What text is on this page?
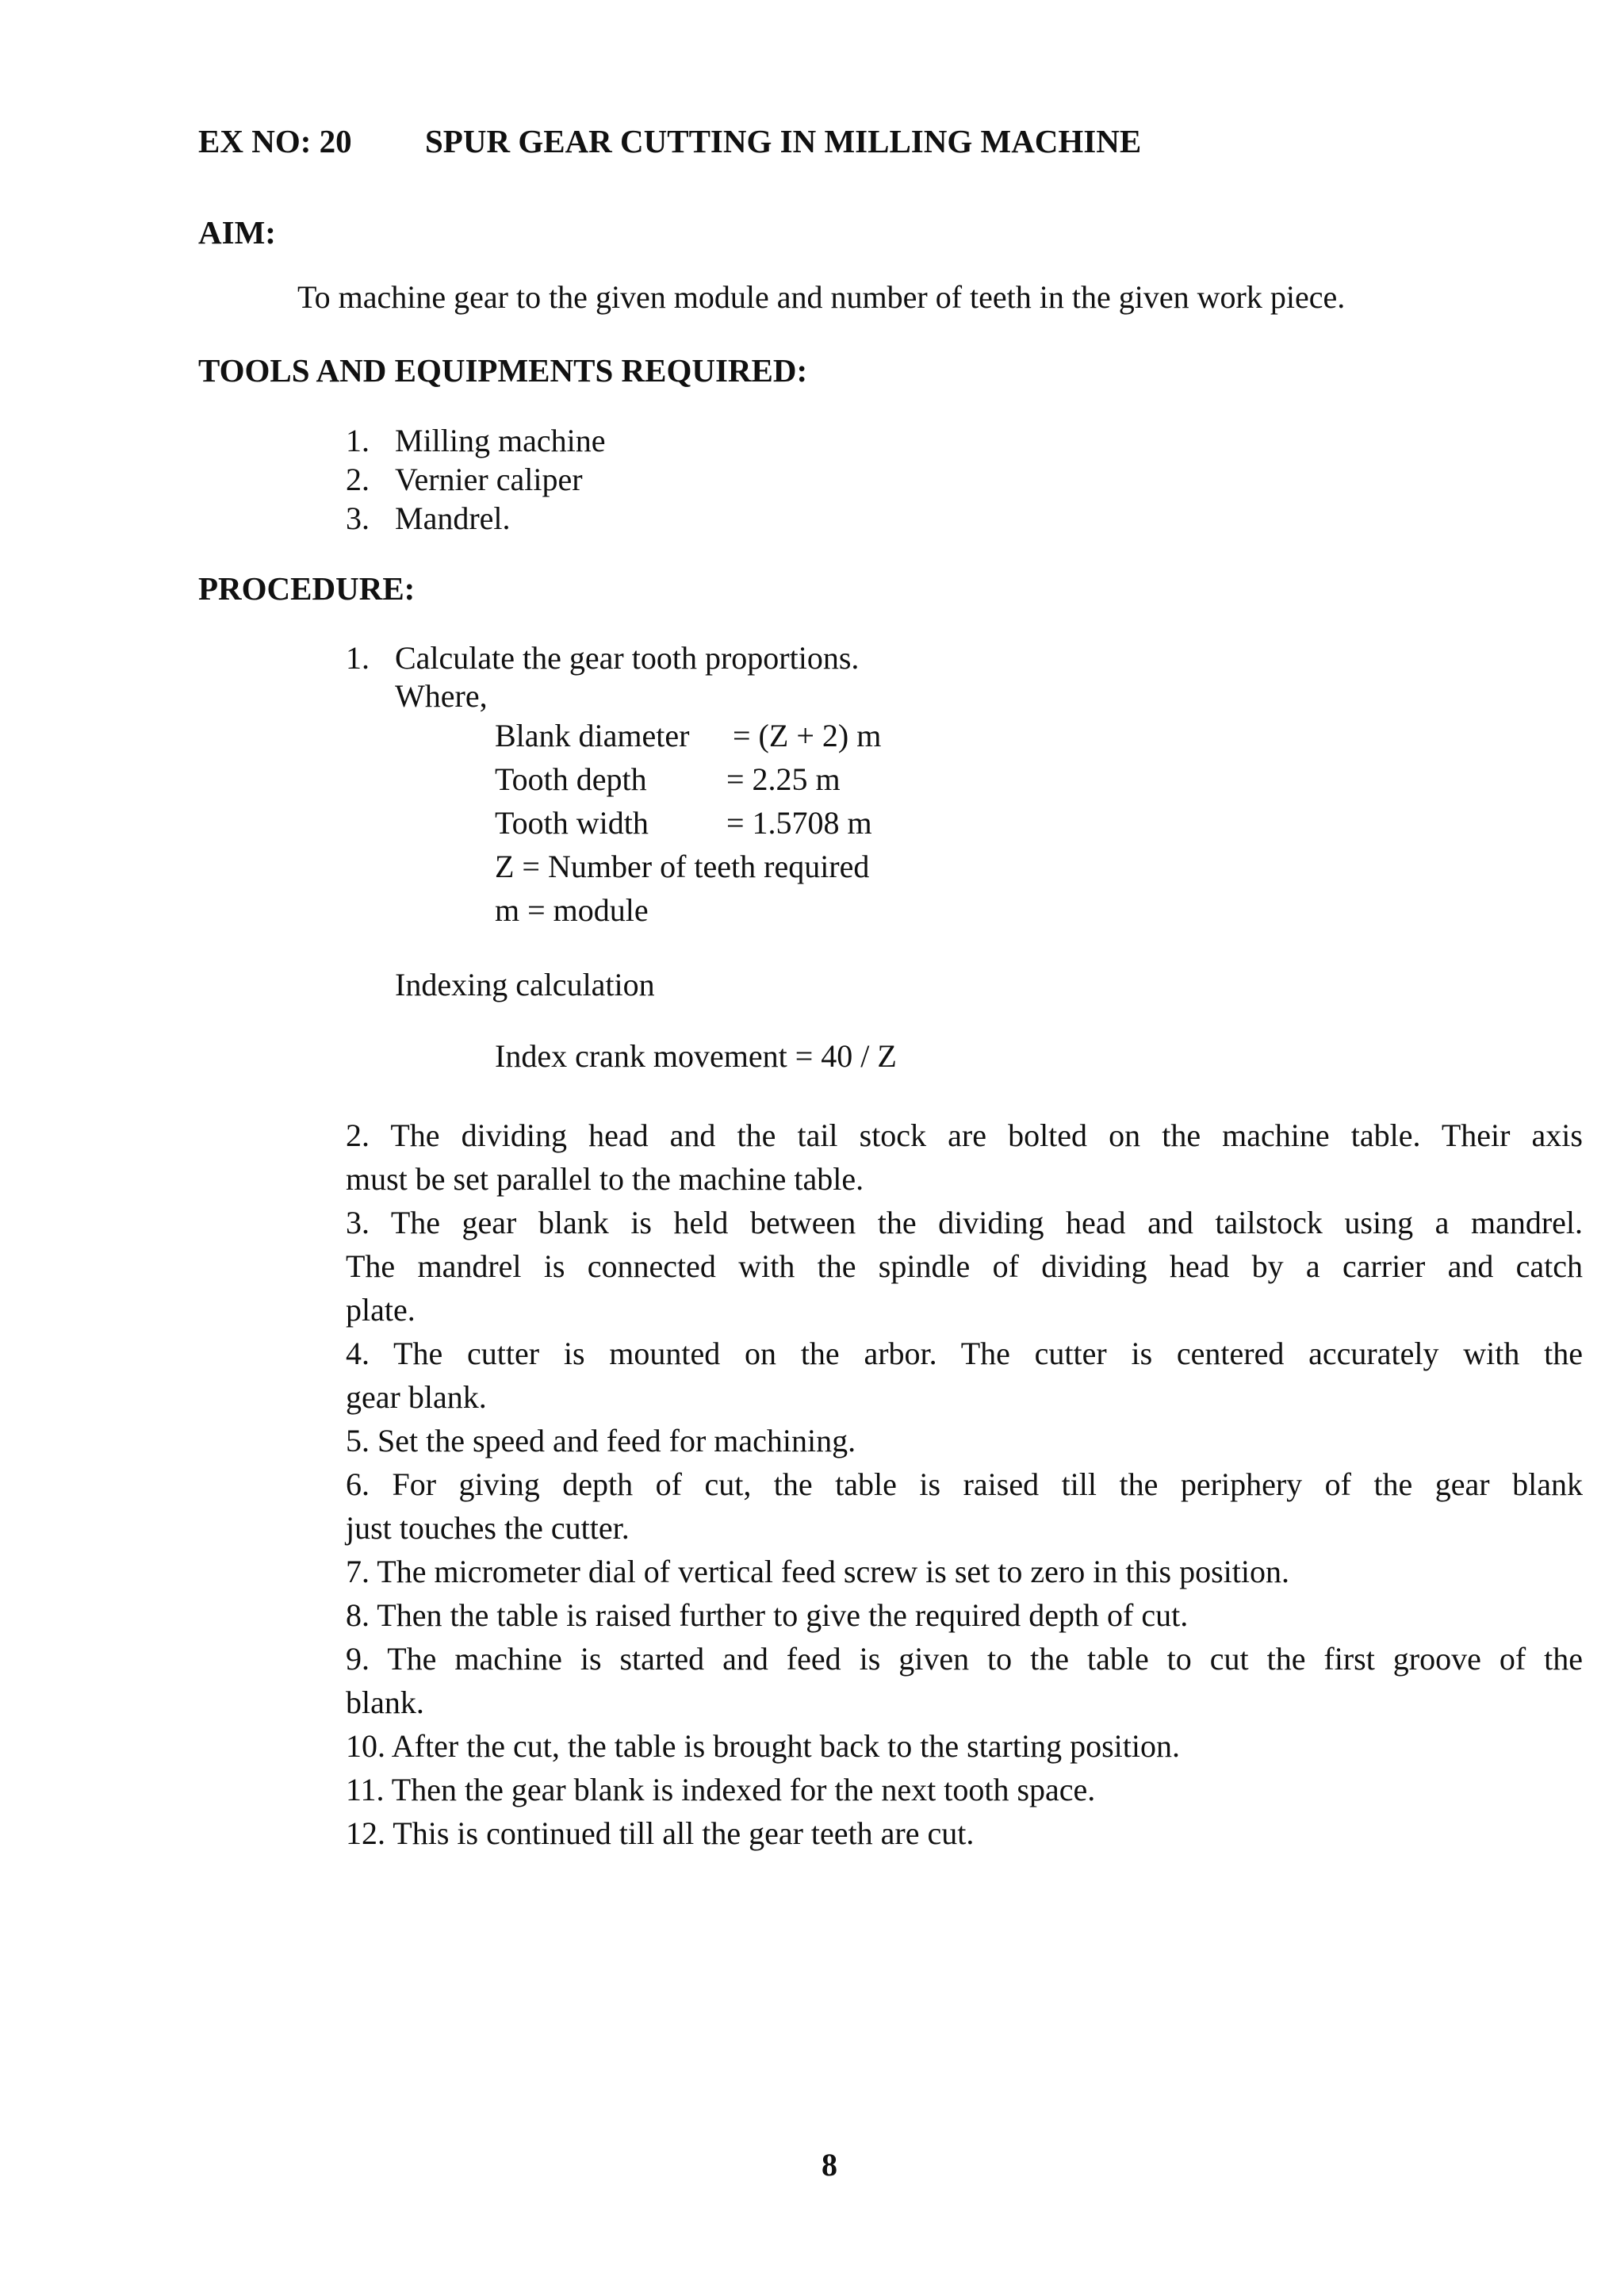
EX NO: 20 SPUR GEAR CUTTING IN MILLING MACHINE
AIM:
To machine gear to the given module and number of teeth in the given work piece.
TOOLS AND EQUIPMENTS REQUIRED:
1. Milling machine
2. Vernier caliper
3. Mandrel.
PROCEDURE:
1. Calculate the gear tooth proportions.
Where,
Blank diameter = (Z + 2) m
Tooth depth	= 2.25 m
Tooth width = 1.5708 m
Z = Number of teeth required
m = module
Indexing calculation
Index crank movement = 40 / Z
2. The dividing head and the tail stock are bolted on the machine table. Their axis
must be set parallel to the machine table.
3. The gear blank is held between the dividing head and tailstock using a mandrel.
The mandrel is connected with the spindle of dividing head by a carrier and catch
plate.
4. The cutter is mounted on the arbor. The cutter is centered accurately with the
gear blank.
5. Set the speed and feed for machining.
6. For giving depth of cut, the table is raised till the periphery of the gear blank
just touches the cutter.
7. The micrometer dial of vertical feed screw is set to zero in this position.
8. Then the table is raised further to give the required depth of cut.
9. The machine is started and feed is given to the table to cut the first groove of the
blank.
10. After the cut, the table is brought back to the starting position.
11. Then the gear blank is indexed for the next tooth space.
12. This is continued till all the gear teeth are cut.
8
